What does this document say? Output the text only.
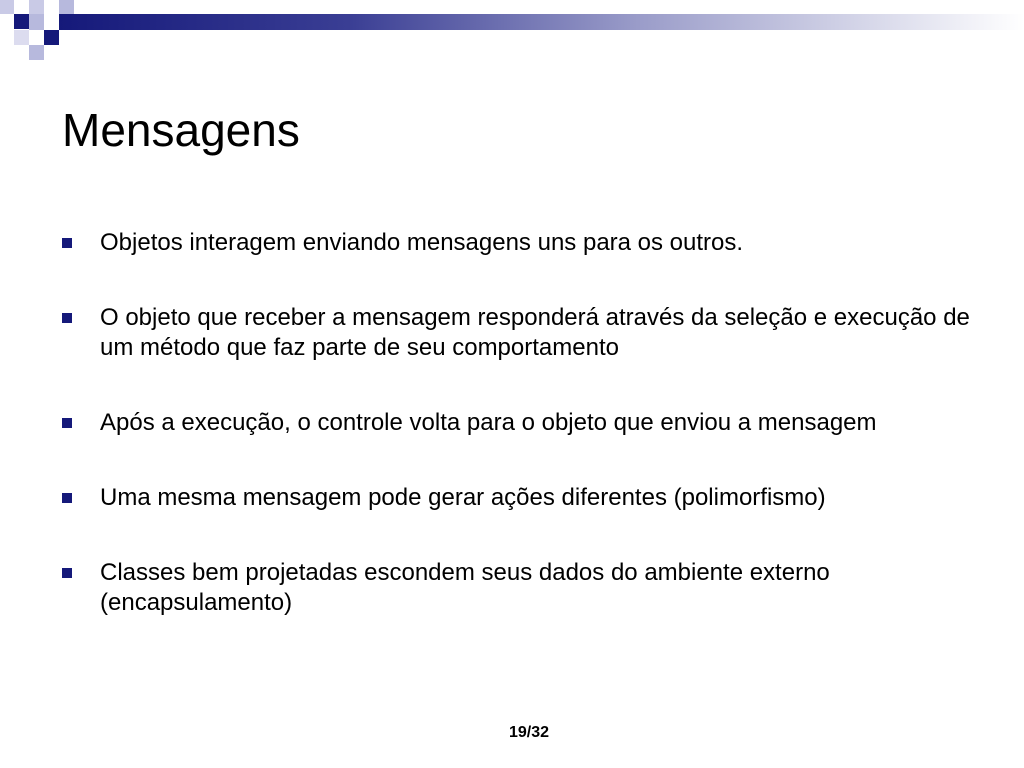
Mensagens
Objetos interagem enviando mensagens uns para os outros.
O objeto que receber a mensagem responderá através da seleção e execução de um método que faz parte de seu comportamento
Após a execução, o controle volta para o objeto que enviou a mensagem
Uma mesma mensagem pode gerar ações diferentes (polimorfismo)
Classes bem projetadas escondem seus dados do ambiente externo (encapsulamento)
19/32
